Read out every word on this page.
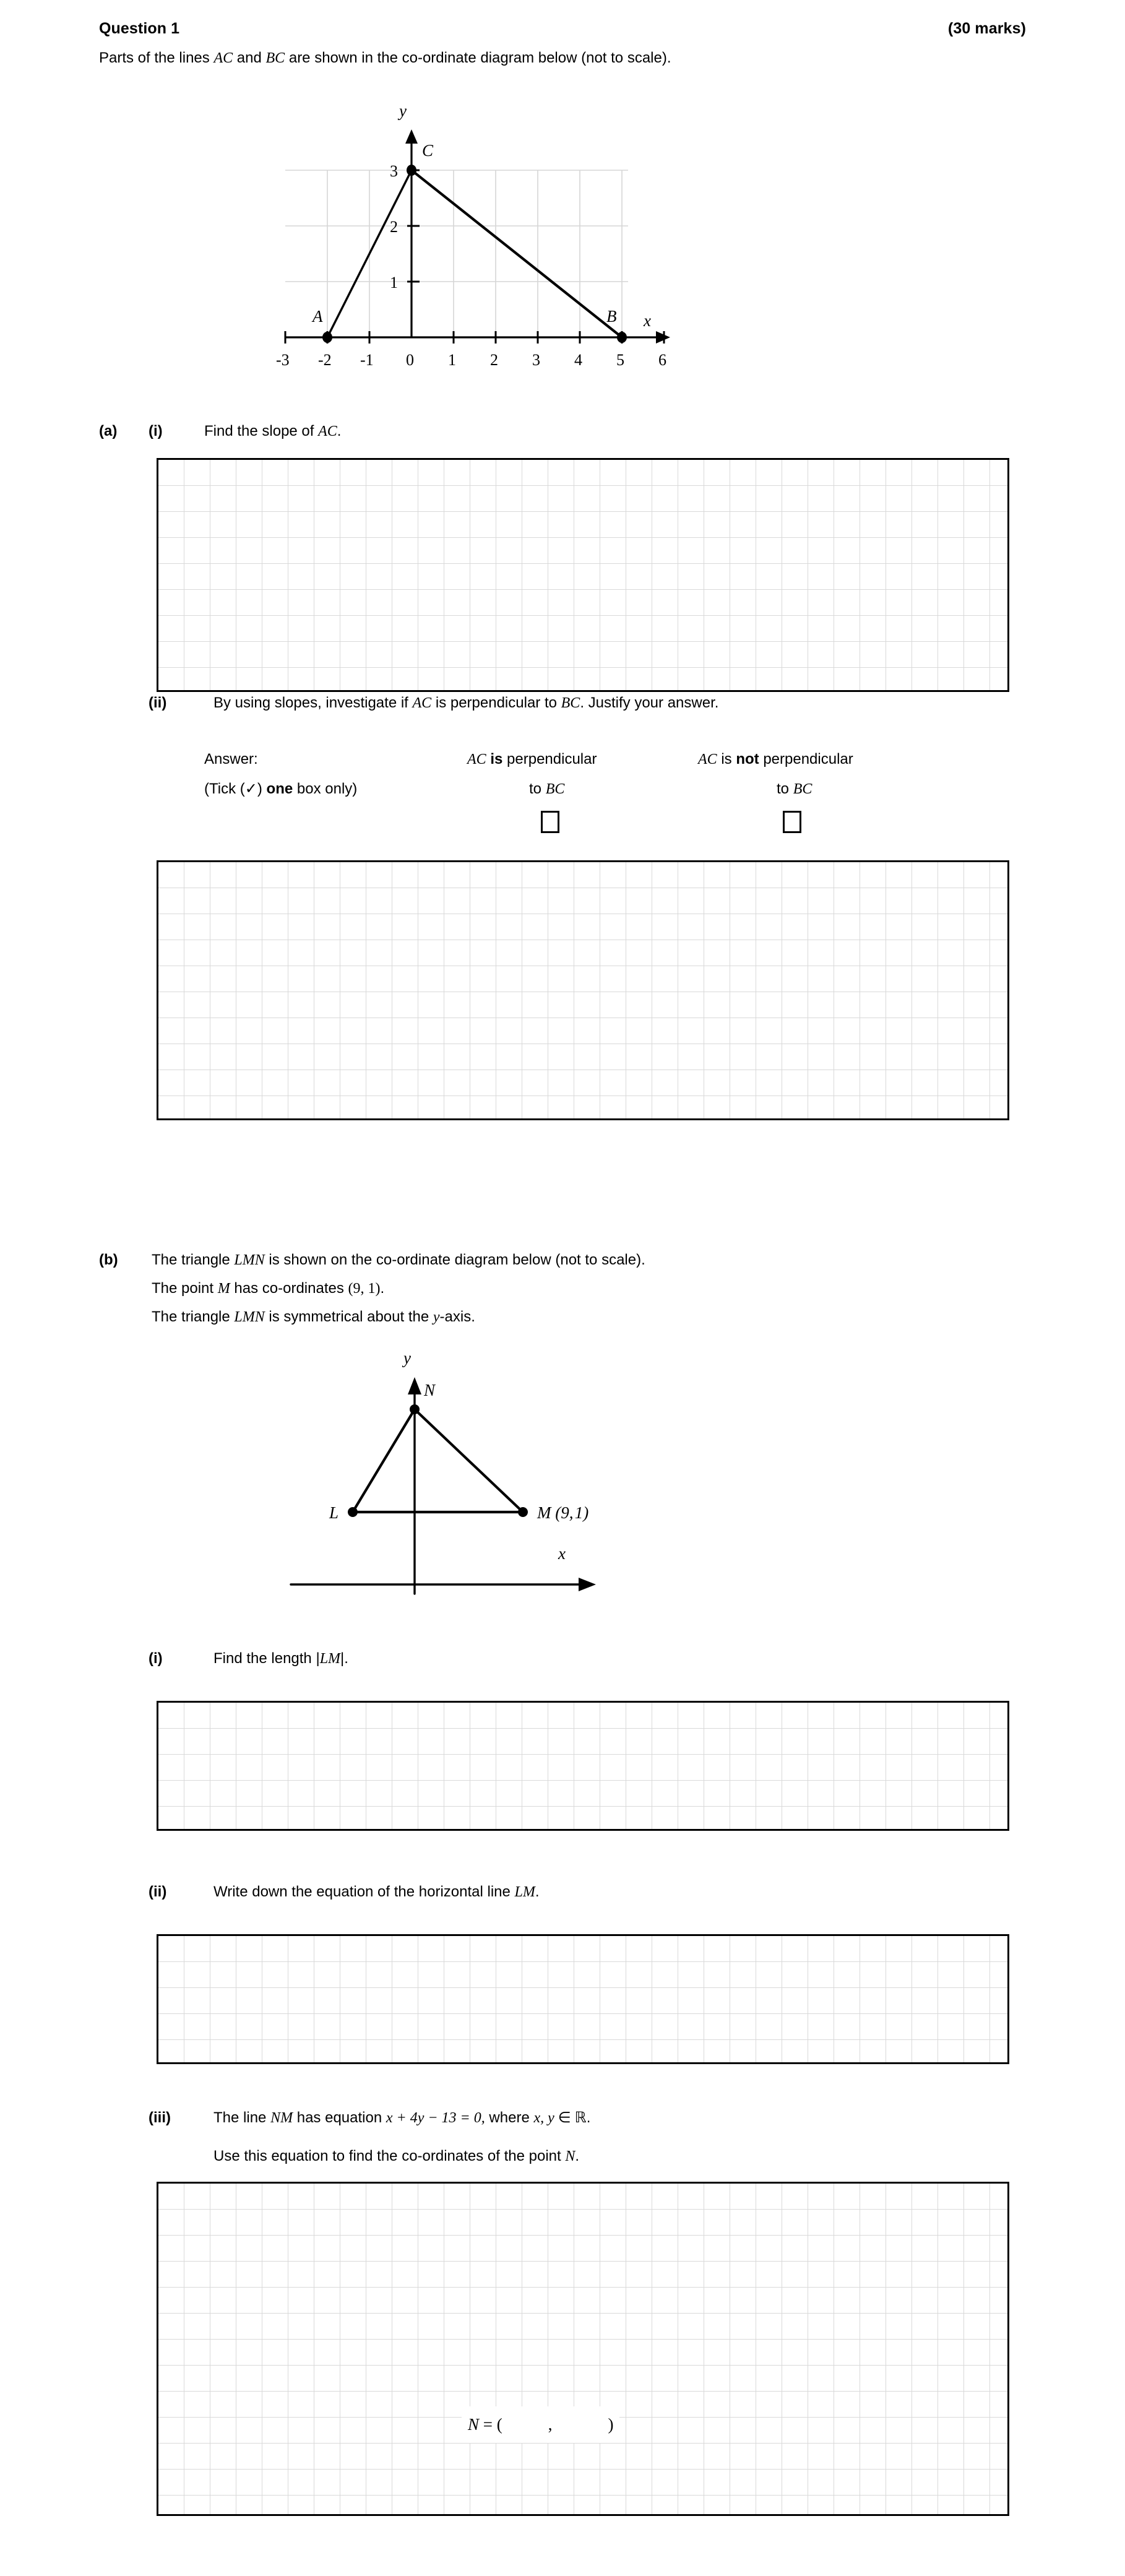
Question 1	(30 marks)
Parts of the lines AC and BC are shown in the co-ordinate diagram below (not to scale).
A	B
C
y
x
-3 -2 -1 0 1 2 3 4 5 6
1
2
3
(a) (i)	Find the slope of AC.
(ii)	By using slopes, investigate if AC is perpendicular to BC. Justify your answer.
Answer:
(Tick (✓) one box only)
AC is perpendicular
to BC
AC is not perpendicular
to BC
(b) The triangle LMN is shown on the co-ordinate diagram below (not to scale).
The point M has co-ordinates (9, 1).
The triangle LMN is symmetrical about the y-axis.
L
N
M (9, 1)
y
x
(i)	Find the length |LM|.
(ii)	Write down the equation of the horizontal line LM.
(iii)	The line NM has equation x + 4y − 13 = 0, where x, y ∈ ℝ.
Use this equation to find the co-ordinates of the point N.
N = (	,	)
